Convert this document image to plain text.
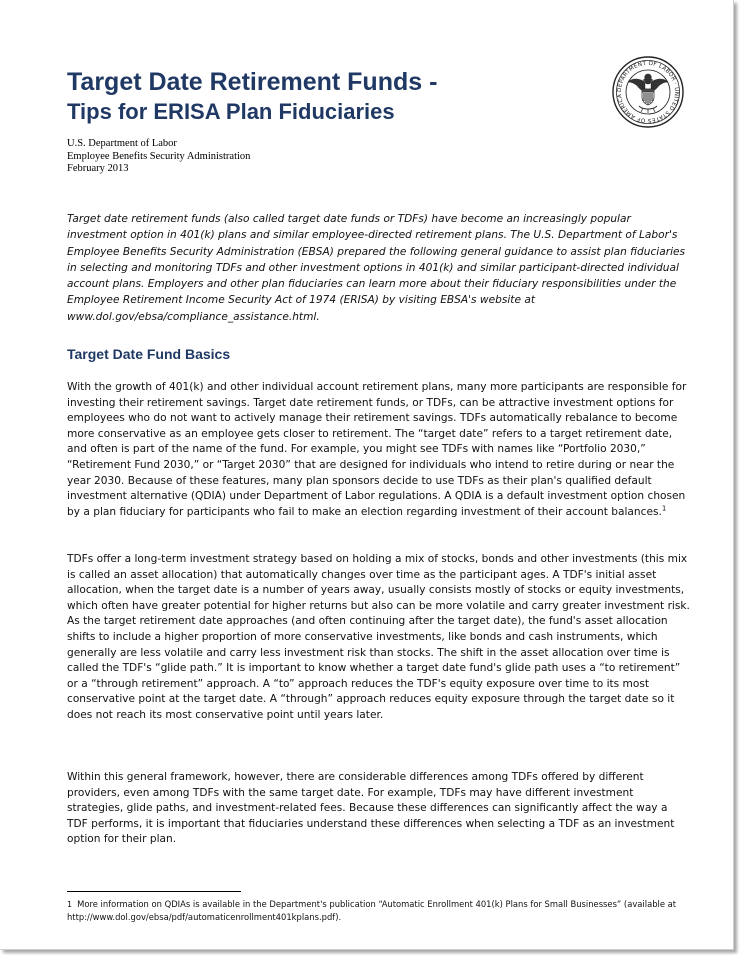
Target Date Retirement Funds -
Tips for ERISA Plan Fiduciaries
DEPARTMENT OF LABOR · UNITED STATES OF AMERICA
U.S. Department of Labor
Employee Benefits Security Administration
February 2013

Target date retirement funds (also called target date funds or TDFs) have become an increasingly popular investment option in 401(k) plans and similar employee-directed retirement plans. The U.S. Department of Labor's Employee Benefits Security Administration (EBSA) prepared the following general guidance to assist plan fiduciaries in selecting and monitoring TDFs and other investment options in 401(k) and similar participant-directed individual account plans. Employers and other plan fiduciaries can learn more about their fiduciary responsibilities under the Employee Retirement Income Security Act of 1974 (ERISA) by visiting EBSA's website at www.dol.gov/ebsa/compliance_assistance.html.

Target Date Fund Basics

With the growth of 401(k) and other individual account retirement plans, many more participants are responsible for investing their retirement savings. Target date retirement funds, or TDFs, can be attractive investment options for employees who do not want to actively manage their retirement savings. TDFs automatically rebalance to become more conservative as an employee gets closer to retirement. The “target date” refers to a target retirement date, and often is part of the name of the fund. For example, you might see TDFs with names like “Portfolio 2030,” “Retirement Fund 2030,” or “Target 2030” that are designed for individuals who intend to retire during or near the year 2030. Because of these features, many plan sponsors decide to use TDFs as their plan's qualified default investment alternative (QDIA) under Department of Labor regulations. A QDIA is a default investment option chosen by a plan fiduciary for participants who fail to make an election regarding investment of their account balances.$^1$

TDFs offer a long-term investment strategy based on holding a mix of stocks, bonds and other investments (this mix is called an asset allocation) that automatically changes over time as the participant ages. A TDF's initial asset allocation, when the target date is a number of years away, usually consists mostly of stocks or equity investments, which often have greater potential for higher returns but also can be more volatile and carry greater investment risk. As the target retirement date approaches (and often continuing after the target date), the fund's asset allocation shifts to include a higher proportion of more conservative investments, like bonds and cash instruments, which generally are less volatile and carry less investment risk than stocks. The shift in the asset allocation over time is called the TDF's “glide path.” It is important to know whether a target date fund's glide path uses a “to retirement” or a “through retirement” approach. A “to” approach reduces the TDF's equity exposure over time to its most conservative point at the target date. A “through” approach reduces equity exposure through the target date so it does not reach its most conservative point until years later.

Within this general framework, however, there are considerable differences among TDFs offered by different providers, even among TDFs with the same target date. For example, TDFs may have different investment strategies, glide paths, and investment-related fees. Because these differences can significantly affect the way a TDF performs, it is important that fiduciaries understand these differences when selecting a TDF as an investment option for their plan.

1 More information on QDIAs is available in the Department's publication “Automatic Enrollment 401(k) Plans for Small Businesses” (available at http://www.dol.gov/ebsa/pdf/automaticenrollment401kplans.pdf).
